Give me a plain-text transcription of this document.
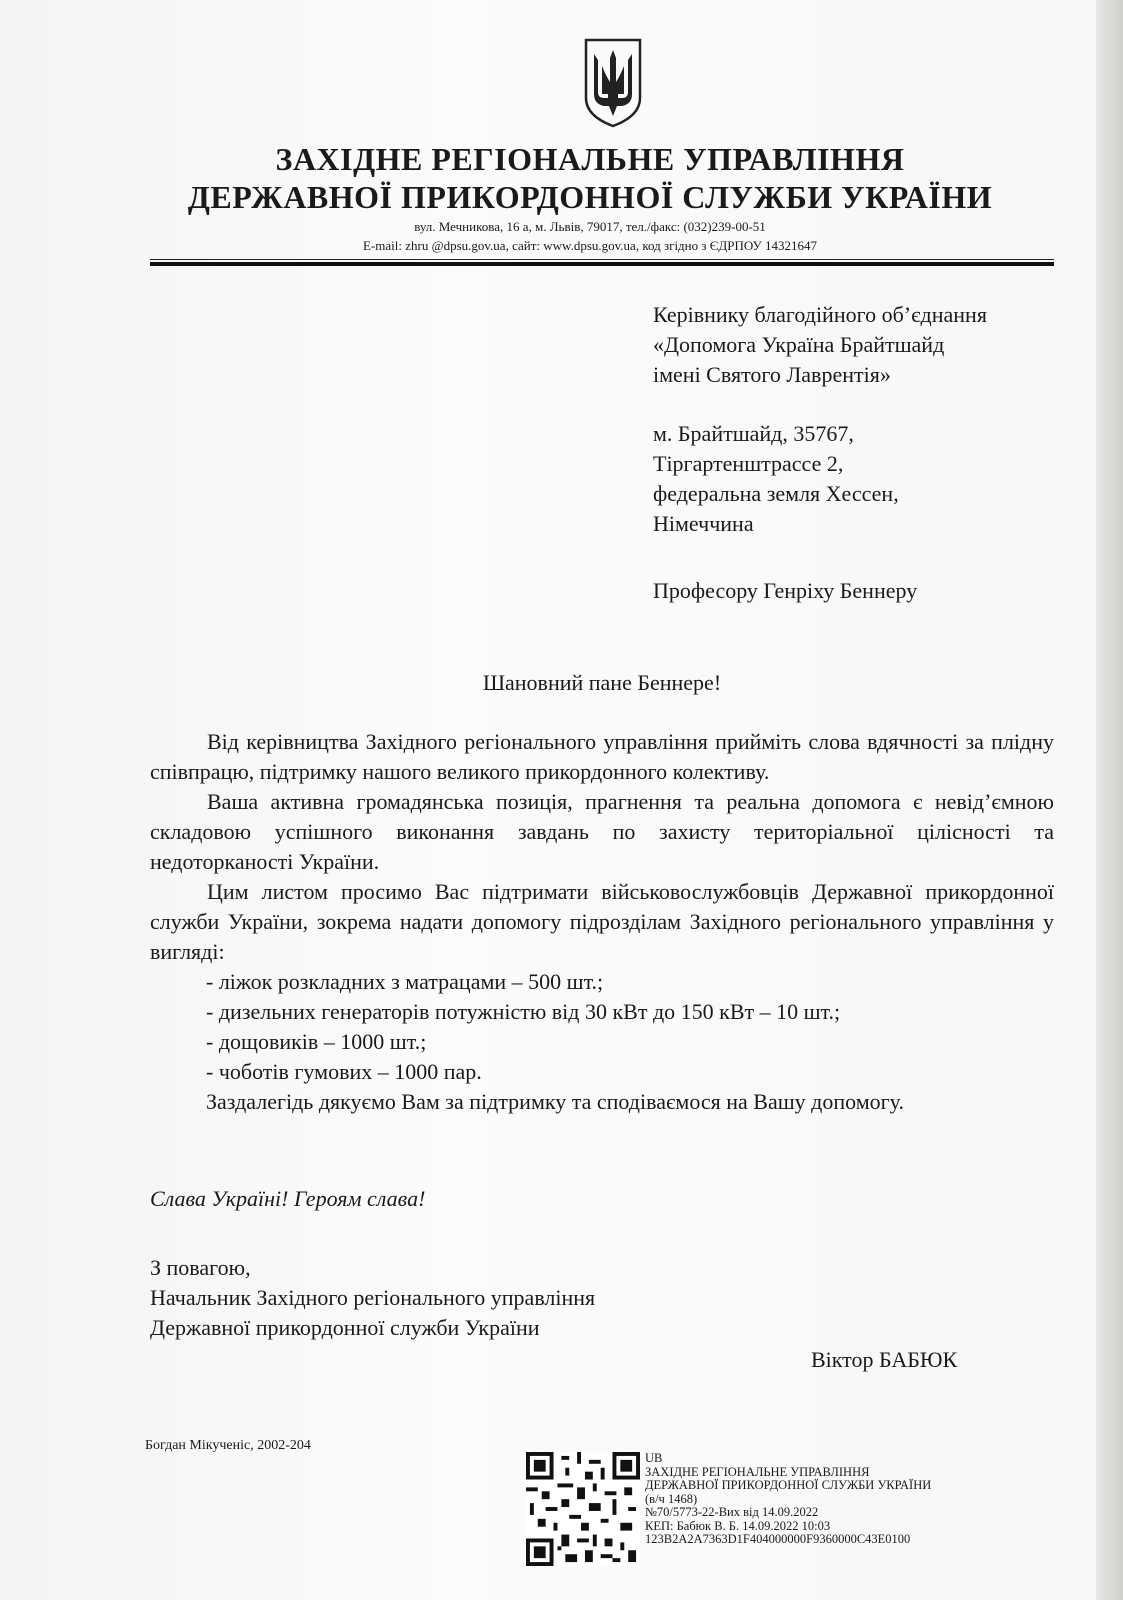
ЗАХІДНЕ РЕГІОНАЛЬНЕ УПРАВЛІННЯ
ДЕРЖАВНОЇ ПРИКОРДОННОЇ СЛУЖБИ УКРАЇНИ
вул. Мечникова, 16 а, м. Львів, 79017, тел./факс: (032)239-00-51
E-mail: zhru @dpsu.gov.ua, сайт: www.dpsu.gov.ua, код згідно з ЄДРПОУ 14321647
Керівнику благодійного об’єднання
«Допомога Україна Брайтшайд
імені Святого Лаврентія»
м. Брайтшайд, 35767,
Тіргартенштрассе 2,
федеральна земля Хессен,
Німеччина
Професору Генріху Беннеру
Шановний пане Беннере!

Від керівництва Західного регіонального управління прийміть слова вдячності за плідну співпрацю, підтримку нашого великого прикордонного колективу.

Ваша активна громадянська позиція, прагнення та реальна допомога є невід’ємною складовою успішного виконання завдань по захисту територіальної цілісності та недоторканості України.

Цим листом просимо Вас підтримати військовослужбовців Державної прикордонної служби України, зокрема надати допомогу підрозділам Західного регіонального управління у вигляді:

- ліжок розкладних з матрацами – 500 шт.;

- дизельних генераторів потужністю від 30 кВт до 150 кВт – 10 шт.;

- дощовиків – 1000 шт.;

- чоботів гумових – 1000 пар.

Заздалегідь дякуємо Вам за підтримку та сподіваємося на Вашу допомогу.

Слава Україні! Героям слава!
З повагою,
Начальник Західного регіонального управління
Державної прикордонної служби України
Віктор БАБЮК
Богдан Мікученіс, 2002-204
UB
ЗАХІДНЕ РЕГІОНАЛЬНЕ УПРАВЛІННЯ
ДЕРЖАВНОЇ ПРИКОРДОННОЇ СЛУЖБИ УКРАЇНИ
(в/ч 1468)
№70/5773-22-Вих від 14.09.2022
КЕП: Бабюк В. Б. 14.09.2022 10:03
123B2A2A7363D1F404000000F9360000C43E0100
